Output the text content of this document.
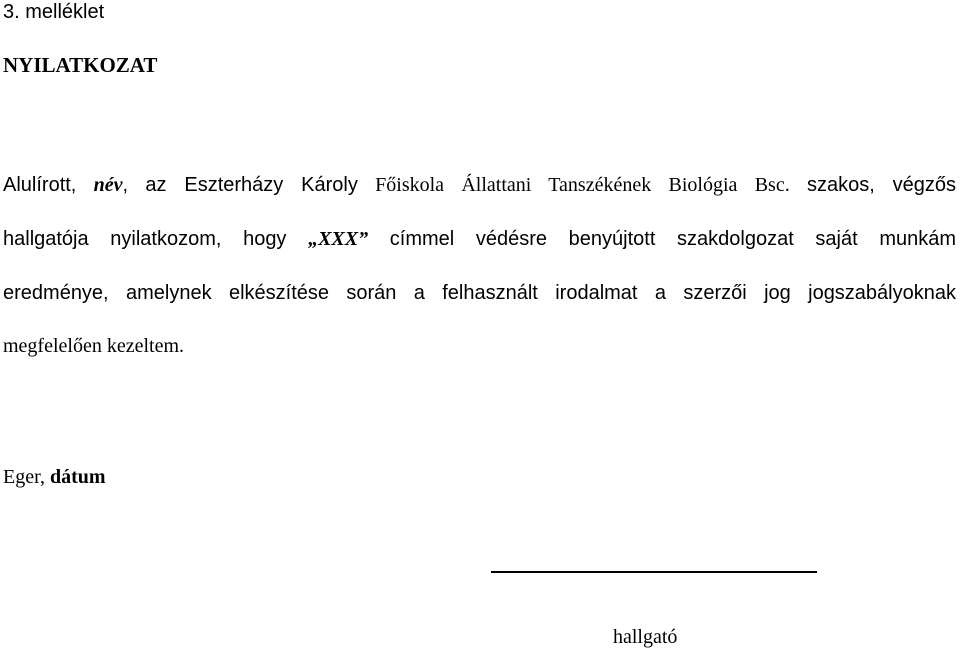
3. melléklet
NYILATKOZAT
Alulírott, név, az Eszterházy Károly Főiskola Állattani Tanszékének Biológia Bsc. szakos, végzős
hallgatója nyilatkozom, hogy „XXX” címmel védésre benyújtott szakdolgozat saját munkám
eredménye, amelynek elkészítése során a felhasznált irodalmat a szerzői jog jogszabályoknak
megfelelően kezeltem.
Eger, dátum
hallgató
